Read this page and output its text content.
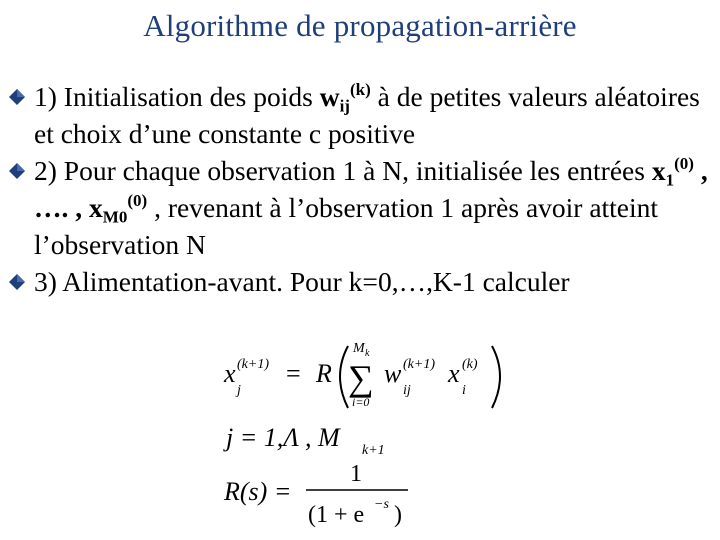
Algorithme de propagation-arrière
1) Initialisation des poids $w_{ij}^{(k)}$ à de petites valeurs aléatoires et choix d’une constante c positive
2) Pour chaque observation 1 à N, initialisée les entrées $x_1^{(0)}$ , …. , $x_{M0}^{(0)}$ , revenant à l’observation 1 après avoir atteint l’observation N
3) Alimentation-avant. Pour k=0,…,K-1 calculer
x
j
(k+1) = R
M k
∑
i=0
w
ij
(k+1) x
i
(k)
j = 1,Λ , M k+1
R(s) =
1
(1 + e −s )
